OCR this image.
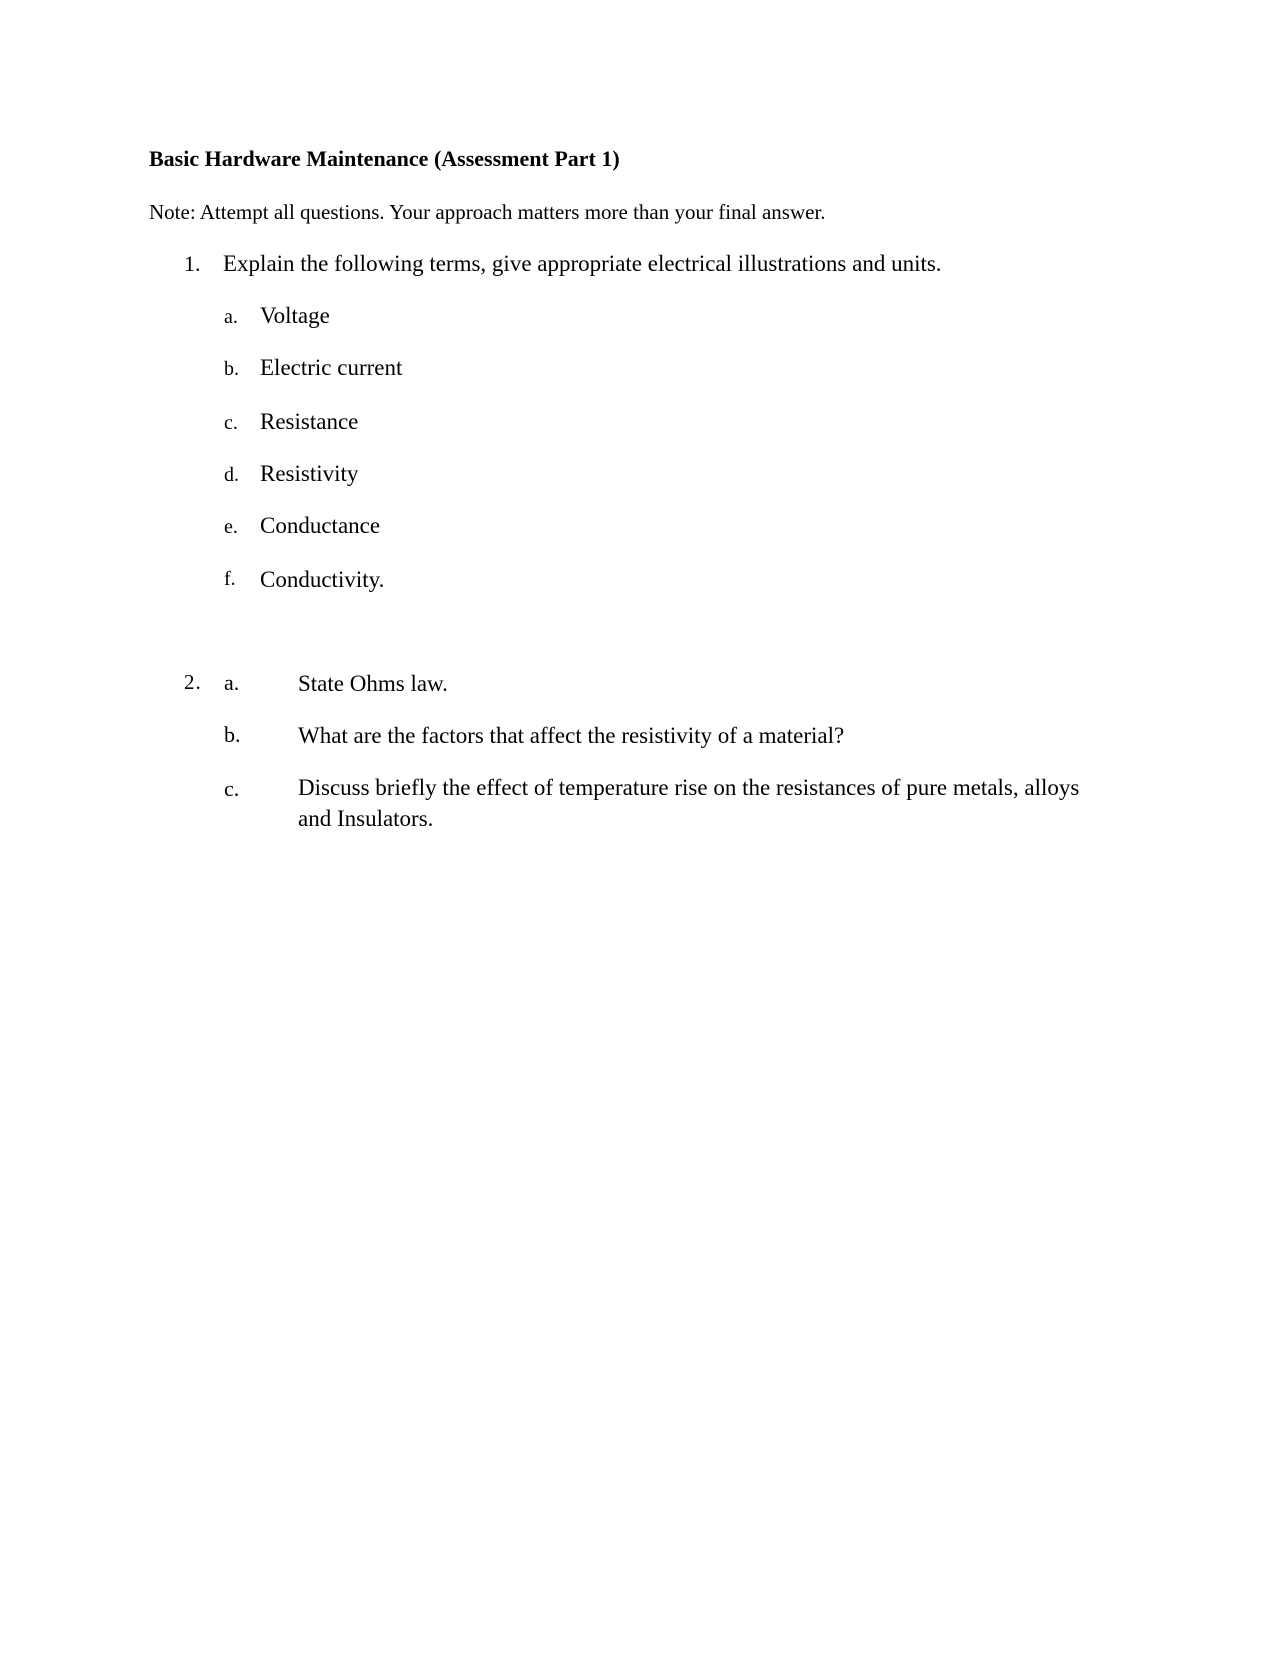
Basic Hardware Maintenance (Assessment Part 1)
Note: Attempt all questions. Your approach matters more than your final answer.
1. Explain the following terms, give appropriate electrical illustrations and units.
a. Voltage
b. Electric current
c. Resistance
d. Resistivity
e. Conductance
f. Conductivity.
2. a.	State Ohms law.
b.	What are the factors that affect the resistivity of a material?
c.	Discuss briefly the effect of temperature rise on the resistances of pure metals, alloys and Insulators.
